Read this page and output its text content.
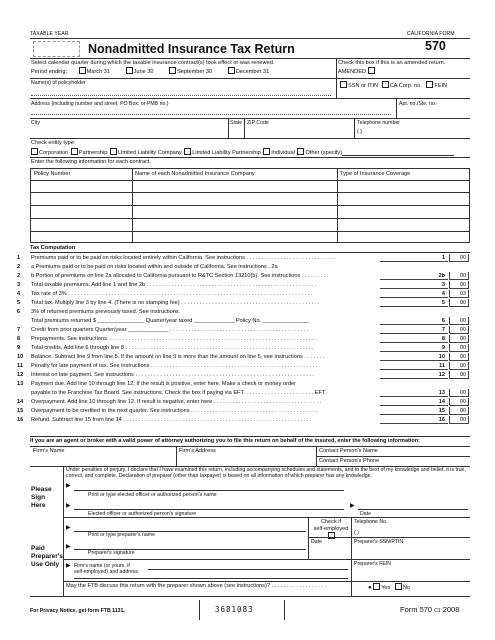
TAXABLE YEAR	CALIFORNIA FORM
Nonadmitted Insurance Tax Return	570
Select calendar quarter during which the taxable insurance contract(s) took effect or was renewed.
Period ending:	March 31	June 30	September 30	December 31
Check this box if this is an amended return.
AMENDED
Name(s) of policyholder	SSN or ITIN CA Corp. no. FEIN
Address (including number and street, PO Box, or PMB no.)	Apt. no./Ste. no.
City	State ZIP Code	Telephone number
( )
Check entity type:
Corporation Partnership Limited Liability Company Limited Liability Partnership Individual Other (specify)
Enter the following information for each contract.
Policy Number	Name of each Nonadmitted Insurance Company	Type of Insurance Coverage
Tax Computation
1 Premiums paid or to be paid on risks located entirely within California. See instructions . . . . . . . . . . . . . . . . . . . . . . . . . . . . .	1	00
2 a Premiums paid or to be paid on risks located within and outside of California. See instructions . 2a
2 b Portion of premiums on line 2a allocated to California pursuant to R&TC Section 13210(b). See instructions . . . . . . . . .	2b	00
3 Total taxable premiums. Add line 1 and line 2b . . . . . . . . . . . . . . . . . . . . . . . . . . . . . . . . . . . . . . . . . . . . . . . . . . . . . . .	3	00
4 Tax rate of 3% . . . . . . . . . . . . . . . . . . . . . . . . . . . . . . . . . . . . . . . . . . . . . . . . . . . . . . . . . . . . . . . . . . . . . . . . . . . . . . .	4	03
5 Total tax. Multiply line 3 by line 4. (There is no stamping fee) . . . . . . . . . . . . . . . . . . . . . . . . . . . . . . . . . . . . . . . . . . . . .	5	00
6 3% of returned premiums previously taxed. See instructions.
Total premiums returned $ _______________ Quarter/year taxed _____________ Policy No. _______________	6	00
7 Credit from prior quarters Quarter/year _____________ . . . . . . . . . . . . . . . . . . . . . . . . . . . . . . . . . . . . . . . . . . . . .	7	00
8 Prepayments. See instructions. . . . . . . . . . . . . . . . . . . . . . . . . . . . . . . . . . . . . . . . . . . . . . . . . . . . . . . . . . . . . . . . . . . .	8	00
9 Total credits. Add line 6 through line 8 . . . . . . . . . . . . . . . . . . . . . . . . . . . . . . . . . . . . . . . . . . . . . . . . . . . . . . . . . . . . .	9	00
10 Balance. Subtract line 9 from line 5. If the amount on line 9 is more than the amount on line 5, see instructions . . . . . . .	10	00
11 Penalty for late payment of tax. See instructions . . . . . . . . . . . . . . . . . . . . . . . . . . . . . . . . . . . . . . . . . . . . . . . . . . . . . .	11	00
12 Interest on late payment. See instructions . . . . . . . . . . . . . . . . . . . . . . . . . . . . . . . . . . . . . . . . . . . . . . . . . . . . . . . . . .	12	00
13 Payment due. Add line 10 through line 12. If the result is positive, enter here. Make a check or money order
payable to the Franchise Tax Board. See instructions. Check the box if paying via EFT. . . . . . . . . . . . . . . . . . . . . . . EFT	13	00
14 Overpayment. Add line 10 through line 12. If result is negative, enter here . . . . . . . . . . . . . . . . . . . . . . . . . . . . . . . . . . .	14	00
15 Overpayment to be credited to the next quarter. See instructions . . . . . . . . . . . . . . . . . . . . . . . . . . . . . . . . . . . . . . . . .	15	00
16 Refund. Subtract line 15 from line 14 . . . . . . . . . . . . . . . . . . . . . . . . . . . . . . . . . . . . . . . . . . . . . . . . . . . . . . . . . . . . .	16	00
If you are an agent or broker with a valid power of attorney authorizing you to file this return on behalf of the insured, enter the following information:
Firm's Name	Firm's Address	Contact Person's Name
Contact Person's Phone
Under penalties of perjury, I declare that I have examined this return, including accompanying schedules and statements, and to the best of my knowledge and belief, it is true, correct, and complete. Declaration of preparer (other than taxpayer) is based on all information of which preparer has any knowledge.
Please
Sign
Here
▶
Print or type elected officer or authorized person's name
▶
Elected officer or authorized person's signature
▶
Date
Paid
Preparer's
Use Only
▶
Print or type preparer's name
Check if
self-employed
Telephone No.
( )
▶
Preparer's signature
Date	Preparer's SSN/PTIN
▶ Firm's name (or yours, if
self-employed) and address
Preparer's FEIN
May the FTB discuss this return with the preparer shown above (see instructions)? . . . . . . . . . . . . . . . . . .	● Yes No
For Privacy Notice, get form FTB 1131.	3681083	Form 570 C1 2008
